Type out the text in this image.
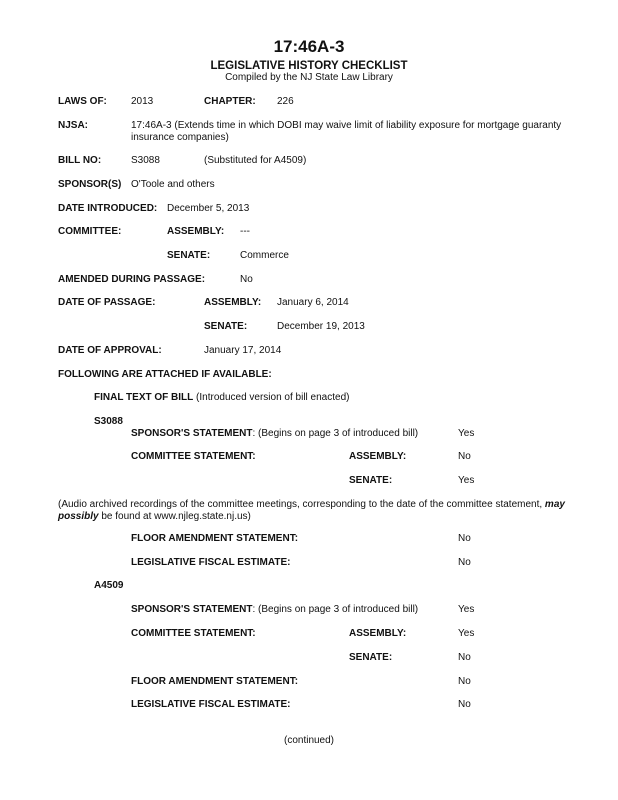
17:46A-3
LEGISLATIVE HISTORY CHECKLIST
Compiled by the NJ State Law Library
LAWS OF: 2013	CHAPTER: 226
NJSA:	17:46A-3 (Extends time in which DOBI may waive limit of liability exposure for mortgage guaranty insurance companies)
BILL NO:	S3088	(Substituted for A4509)
SPONSOR(S) O'Toole and others
DATE INTRODUCED: December 5, 2013
COMMITTEE:	ASSEMBLY: ---
SENATE:	Commerce
AMENDED DURING PASSAGE:	No
DATE OF PASSAGE:	ASSEMBLY: January 6, 2014
SENATE:	December 19, 2013
DATE OF APPROVAL:	January 17, 2014
FOLLOWING ARE ATTACHED IF AVAILABLE:
FINAL TEXT OF BILL (Introduced version of bill enacted)
S3088
SPONSOR'S STATEMENT: (Begins on page 3 of introduced bill)	Yes
COMMITTEE STATEMENT:	ASSEMBLY:	No
SENATE:	Yes
(Audio archived recordings of the committee meetings, corresponding to the date of the committee statement, may possibly be found at www.njleg.state.nj.us)
FLOOR AMENDMENT STATEMENT:	No
LEGISLATIVE FISCAL ESTIMATE:	No
A4509
SPONSOR'S STATEMENT: (Begins on page 3 of introduced bill)	Yes
COMMITTEE STATEMENT:	ASSEMBLY:	Yes
SENATE:	No
FLOOR AMENDMENT STATEMENT:	No
LEGISLATIVE FISCAL ESTIMATE:	No
(continued)
